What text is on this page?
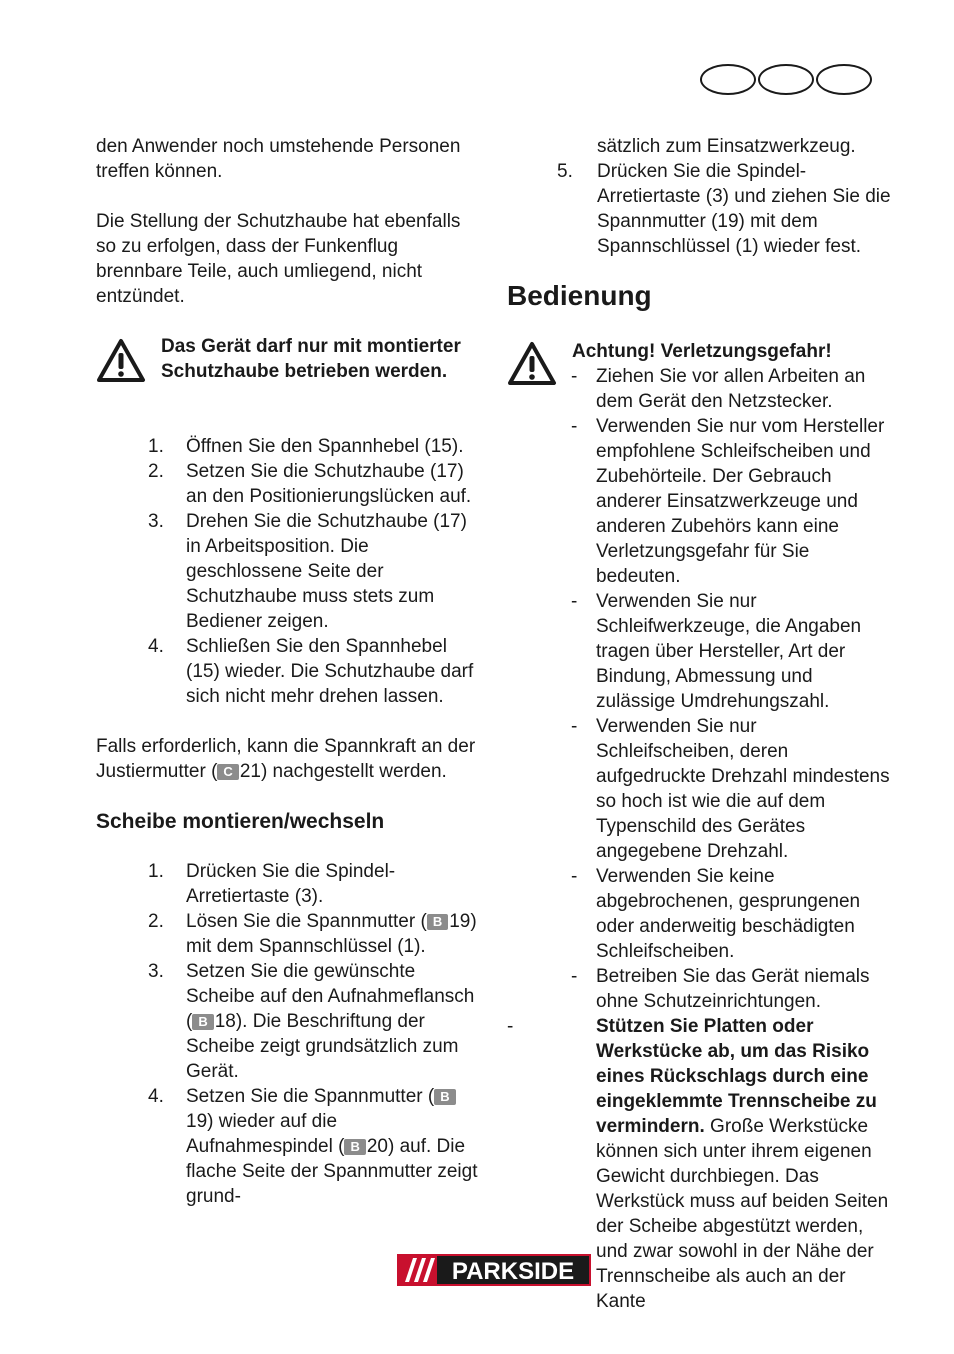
den Anwender noch umstehende Personen treffen können.

Die Stellung der Schutzhaube hat ebenfalls so zu erfolgen, dass der Funkenflug brennbare Teile, auch umliegend, nicht entzündet.

Das Gerät darf nur mit montierter Schutzhaube betrieben werden.

1. Öffnen Sie den Spannhebel (15).
2. Setzen Sie die Schutzhaube (17) an den Positionierungslücken auf.
3. Drehen Sie die Schutzhaube (17) in Arbeitsposition. Die geschlossene Seite der Schutzhaube muss stets zum Bediener zeigen.
4. Schließen Sie den Spannhebel (15) wieder. Die Schutzhaube darf sich nicht mehr drehen lassen.

Falls erforderlich, kann die Spannkraft an der Justiermutter ( C 21) nachgestellt werden.

Scheibe montieren/wechseln

1. Drücken Sie die Spindel-Arretiertaste (3).
2. Lösen Sie die Spannmutter ( B 19) mit dem Spannschlüssel (1).
3. Setzen Sie die gewünschte Scheibe auf den Aufnahmeflansch ( B 18). Die Beschriftung der Scheibe zeigt grundsätzlich zum Gerät.
4. Setzen Sie die Spannmutter ( B19) wieder auf die Aufnahmespindel ( B 20) auf. Die flache Seite der Spannmutter zeigt grund-
sätzlich zum Einsatzwerkzeug.
5. Drücken Sie die Spindel-Arretiertaste (3) und ziehen Sie die Spannmutter (19) mit dem Spannschlüssel (1) wieder fest.

Bedienung

Achtung! Verletzungsgefahr!

- Ziehen Sie vor allen Arbeiten an dem Gerät den Netzstecker.
- Verwenden Sie nur vom Hersteller empfohlene Schleifscheiben und Zubehörteile. Der Gebrauch anderer Einsatzwerkzeuge und anderen Zubehörs kann eine Verletzungsgefahr für Sie bedeuten.
- Verwenden Sie nur Schleifwerkzeuge, die Angaben tragen über Hersteller, Art der Bindung, Abmessung und zulässige Umdrehungszahl.
- Verwenden Sie nur Schleifscheiben, deren aufgedruckte Drehzahl mindestens so hoch ist wie die auf dem Typenschild des Gerätes angegebene Drehzahl.
- Verwenden Sie keine abgebrochenen, gesprungenen oder anderweitig beschädigten Schleifscheiben.
- Betreiben Sie das Gerät niemals ohne Schutzeinrichtungen.
-	Stützen Sie Platten oder Werkstücke ab, um das Risiko eines Rückschlags durch eine eingeklemmte Trennscheibe zu vermindern. Große Werkstücke können sich unter ihrem eigenen Gewicht durchbiegen. Das Werkstück muss auf beiden Seiten der Scheibe abgestützt werden, und zwar sowohl in der Nähe der Trennscheibe als auch an der Kante
PARKSIDE
